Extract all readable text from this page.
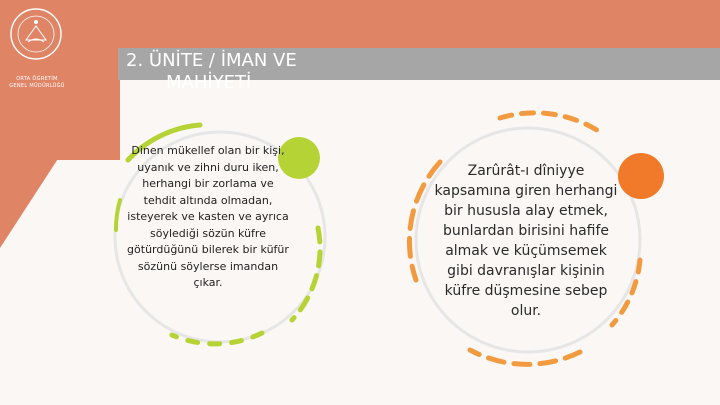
ORTA ÖĞRETİM
GENEL MÜDÜRLÜĞÜ
2. ÜNİTE / İMAN VE
MAHİYETİ
Dinen mükellef olan bir kişi, uyanık ve zihni duru iken, herhangi bir zorlama ve tehdit altında olmadan, isteyerek ve kasten ve ayrıca söylediği sözün küfre götürdüğünü bilerek bir küfür sözünü söylerse imandan çıkar.
Zarûrât-ı dîniyye kapsamına giren herhangi bir hususla alay etmek, bunlardan birisini hafife almak ve küçümsemek gibi davranışlar kişinin küfre düşmesine sebep olur.
